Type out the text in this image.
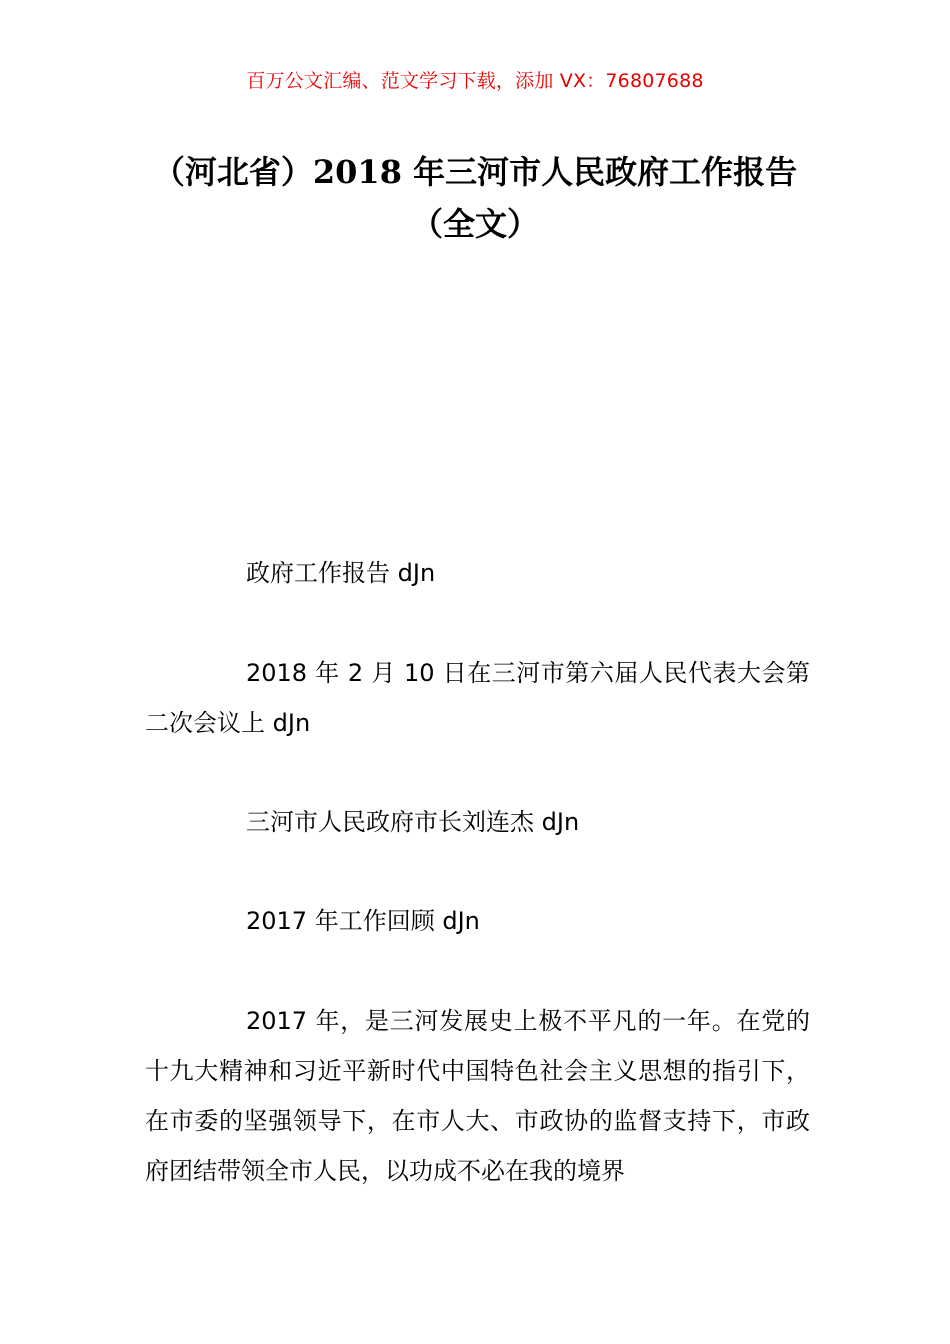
百万公文汇编、范文学习下载，添加 VX：76807688
（河北省）2018 年三河市人民政府工作报告（全文）

政府工作报告 dJn

2018 年 2 月 10 日在三河市第六届人民代表大会第二次会议上 dJn

三河市人民政府市长刘连杰 dJn

2017 年工作回顾 dJn

2017 年，是三河发展史上极不平凡的一年。在党的十九大精神和习近平新时代中国特色社会主义思想的指引下，在市委的坚强领导下，在市人大、市政协的监督支持下，市政府团结带领全市人民，以功成不必在我的境界
